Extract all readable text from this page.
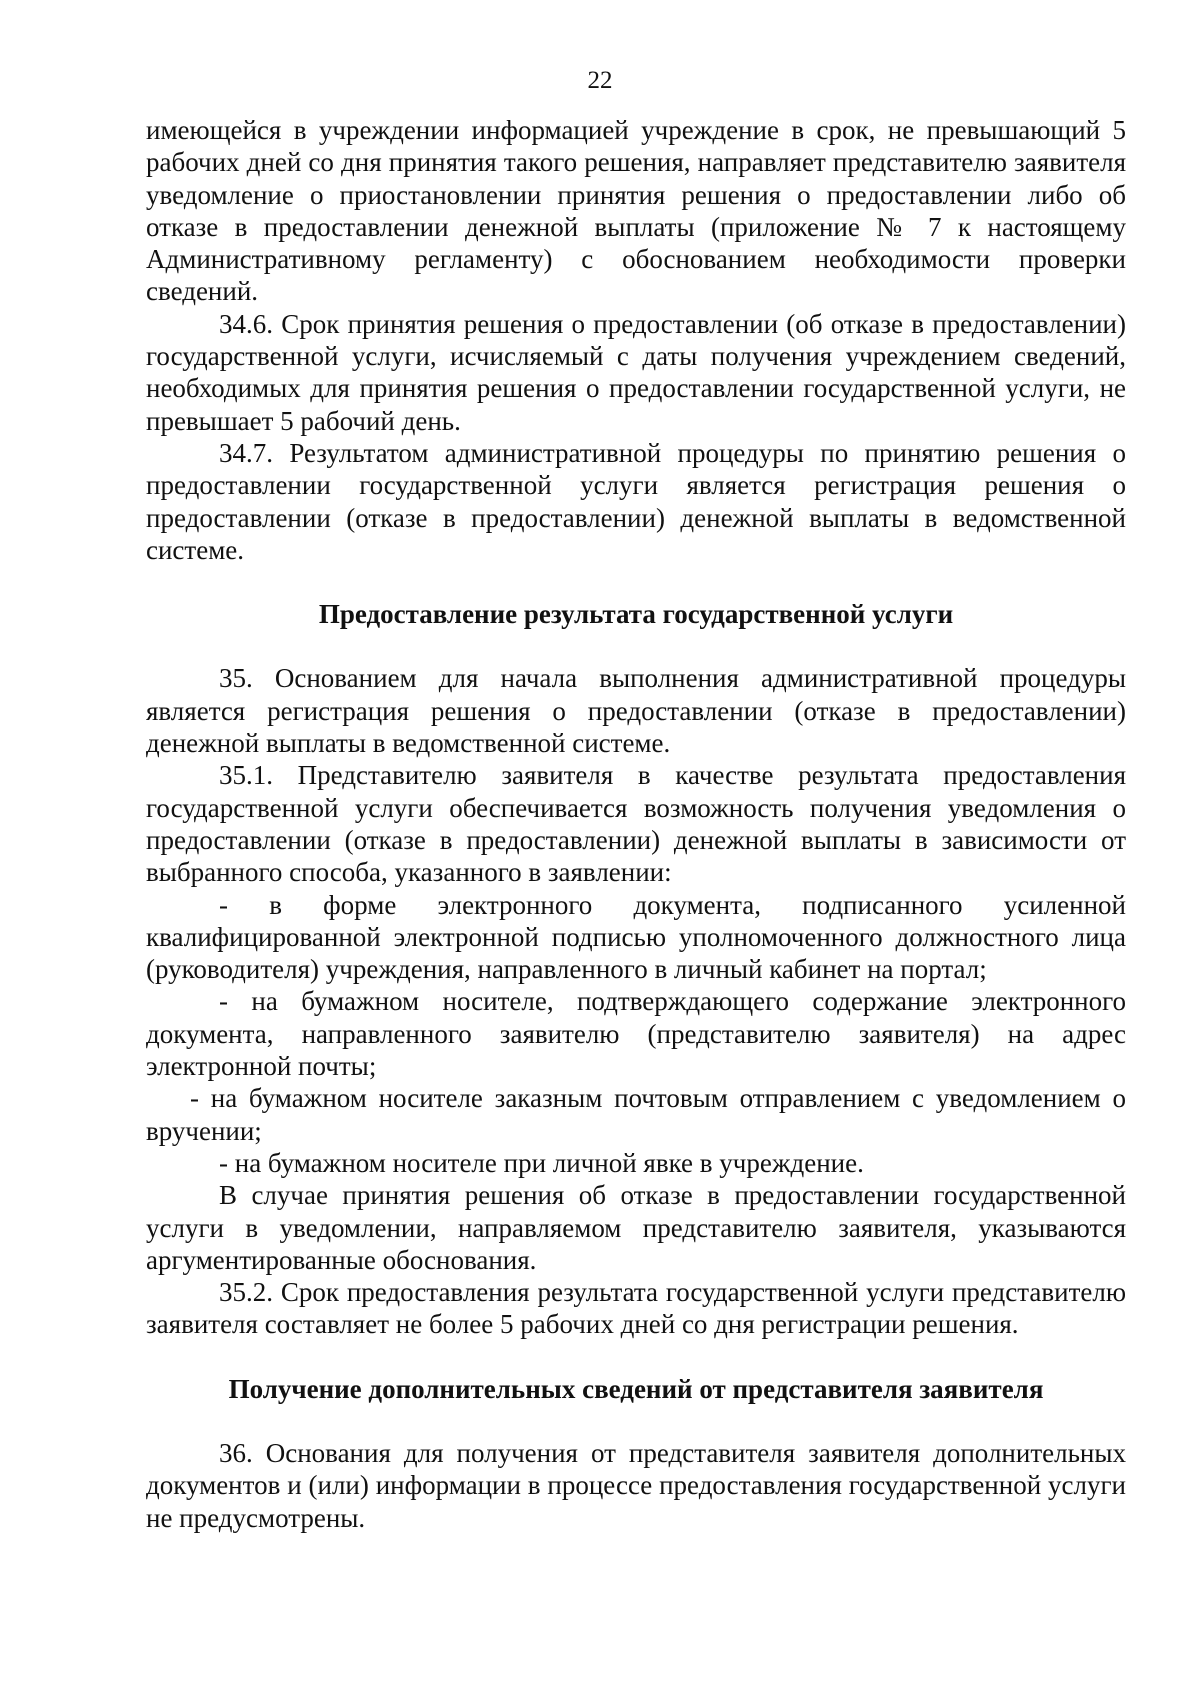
22

имеющейся в учреждении информацией учреждение в срок, не превышающий 5 рабочих дней со дня принятия такого решения, направляет представителю заявителя уведомление о приостановлении принятия решения о предоставлении либо об отказе в предоставлении денежной выплаты (приложение № 7 к настоящему Административному регламенту) с обоснованием необходимости проверки сведений.

34.6. Срок принятия решения о предоставлении (об отказе в предоставлении) государственной услуги, исчисляемый с даты получения учреждением сведений, необходимых для принятия решения о предоставлении государственной услуги, не превышает 5 рабочий день.

34.7. Результатом административной процедуры по принятию решения о предоставлении государственной услуги является регистрация решения о предоставлении (отказе в предоставлении) денежной выплаты в ведомственной системе.

Предоставление результата государственной услуги

35. Основанием для начала выполнения административной процедуры является регистрация решения о предоставлении (отказе в предоставлении) денежной выплаты в ведомственной системе.

35.1. Представителю заявителя в качестве результата предоставления государственной услуги обеспечивается возможность получения уведомления о предоставлении (отказе в предоставлении) денежной выплаты в зависимости от выбранного способа, указанного в заявлении:

- в форме электронного документа, подписанного усиленной квалифицированной электронной подписью уполномоченного должностного лица (руководителя) учреждения, направленного в личный кабинет на портал;

- на бумажном носителе, подтверждающего содержание электронного документа, направленного заявителю (представителю заявителя) на адрес электронной почты;

- на бумажном носителе заказным почтовым отправлением с уведомлением о вручении;

- на бумажном носителе при личной явке в учреждение.

В случае принятия решения об отказе в предоставлении государственной услуги в уведомлении, направляемом представителю заявителя, указываются аргументированные обоснования.

35.2. Срок предоставления результата государственной услуги представителю заявителя составляет не более 5 рабочих дней со дня регистрации решения.

Получение дополнительных сведений от представителя заявителя

36. Основания для получения от представителя заявителя дополнительных документов и (или) информации в процессе предоставления государственной услуги не предусмотрены.
